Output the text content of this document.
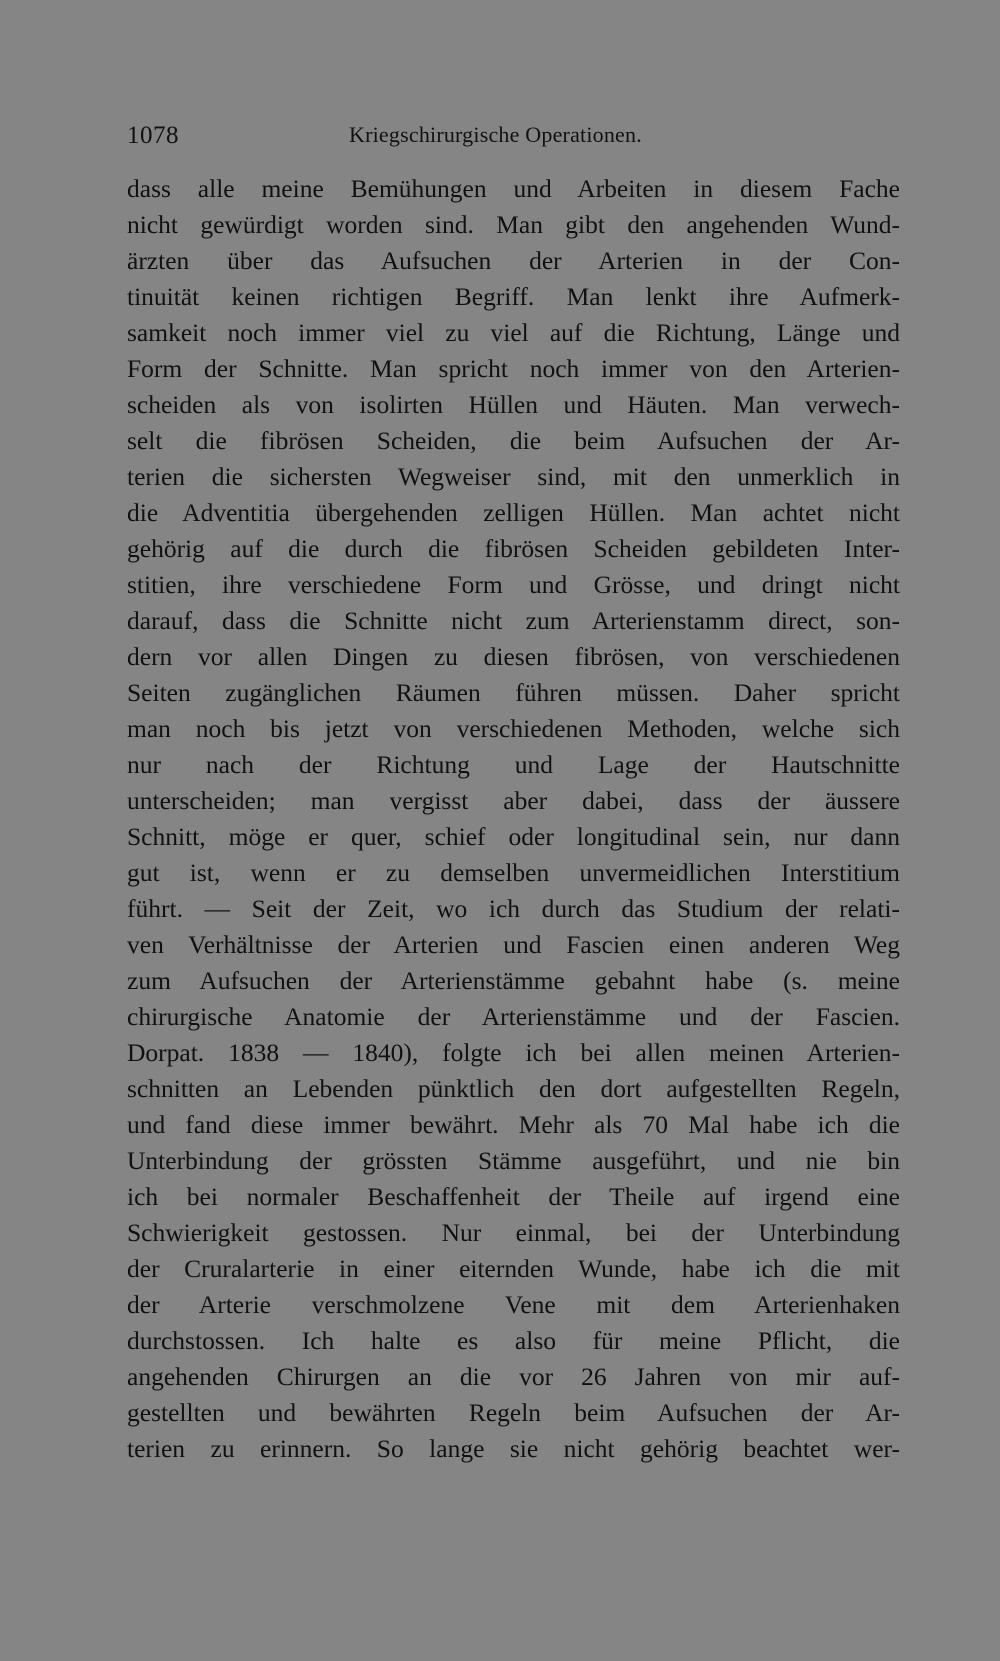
1078	Kriegschirurgische Operationen.
dass alle meine Bemühungen und Arbeiten in diesem Fache
nicht gewürdigt worden sind. Man gibt den angehenden Wund-
ärzten über das Aufsuchen der Arterien in der Con-
tinuität keinen richtigen Begriff. Man lenkt ihre Aufmerk-
samkeit noch immer viel zu viel auf die Richtung, Länge und
Form der Schnitte. Man spricht noch immer von den Arterien-
scheiden als von isolirten Hüllen und Häuten. Man verwech-
selt die fibrösen Scheiden, die beim Aufsuchen der Ar-
terien die sichersten Wegweiser sind, mit den unmerklich in
die Adventitia übergehenden zelligen Hüllen. Man achtet nicht
gehörig auf die durch die fibrösen Scheiden gebildeten Inter-
stitien, ihre verschiedene Form und Grösse, und dringt nicht
darauf, dass die Schnitte nicht zum Arterienstamm direct, son-
dern vor allen Dingen zu diesen fibrösen, von verschiedenen
Seiten zugänglichen Räumen führen müssen. Daher spricht
man noch bis jetzt von verschiedenen Methoden, welche sich
nur nach der Richtung und Lage der Hautschnitte
unterscheiden; man vergisst aber dabei, dass der äussere
Schnitt, möge er quer, schief oder longitudinal sein, nur dann
gut ist, wenn er zu demselben unvermeidlichen Interstitium
führt. — Seit der Zeit, wo ich durch das Studium der relati-
ven Verhältnisse der Arterien und Fascien einen anderen Weg
zum Aufsuchen der Arterienstämme gebahnt habe (s. meine
chirurgische Anatomie der Arterienstämme und der Fascien.
Dorpat. 1838 — 1840), folgte ich bei allen meinen Arterien-
schnitten an Lebenden pünktlich den dort aufgestellten Regeln,
und fand diese immer bewährt. Mehr als 70 Mal habe ich die
Unterbindung der grössten Stämme ausgeführt, und nie bin
ich bei normaler Beschaffenheit der Theile auf irgend eine
Schwierigkeit gestossen. Nur einmal, bei der Unterbindung
der Cruralarterie in einer eiternden Wunde, habe ich die mit
der Arterie verschmolzene Vene mit dem Arterienhaken
durchstossen. Ich halte es also für meine Pflicht, die
angehenden Chirurgen an die vor 26 Jahren von mir auf-
gestellten und bewährten Regeln beim Aufsuchen der Ar-
terien zu erinnern. So lange sie nicht gehörig beachtet wer-
